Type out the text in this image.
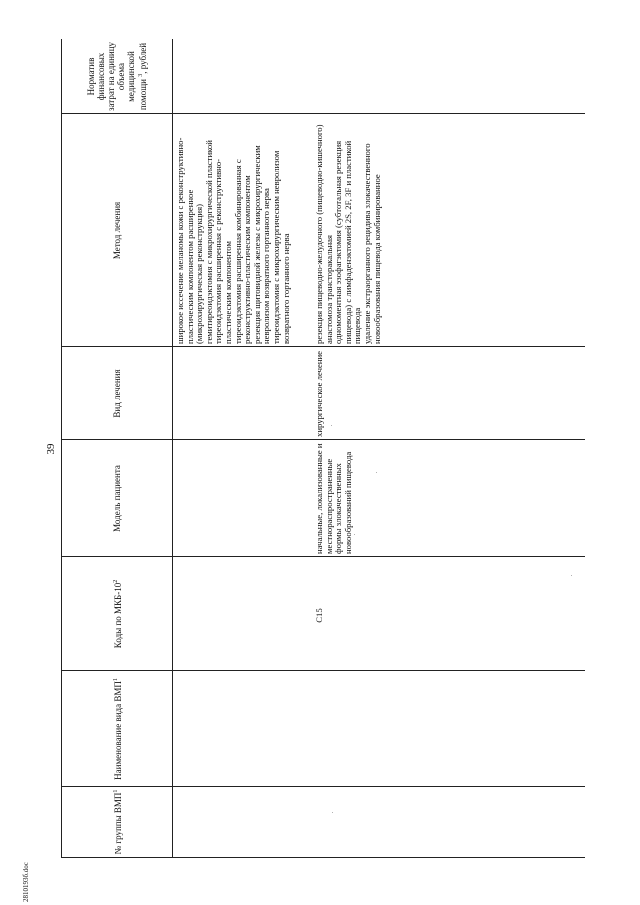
39
№ группы ВМП$^1$
Наименование вида ВМП$^1$
Коды по МКБ-$10^2$
Модель пациента
Вид лечения
Метод лечения
Норматив финансовых затрат на единицу объема медицинской помощи $^3$, рублей
широкое иссечение меланомы кожи с реконструктивно-пластическим компонентом расширенное (микрохирургическая реконструкция) гемитиреоидэктомия с микрохирургической пластикой тиреоидэктомия расширенная с реконструктивно-пластическим компонентом тиреоидэктомия расширенная комбинированная с реконструктивно-пластическим компонентом резекция щитовидной железы с микрохирургическим невролизом возвратного гортанного нерва тиреоидэктомия с микрохирургическим невролизом возвратного гортанного нерва
C15
начальные, локализованные и местнораспространенные формы злокачественных новообразований пищевода
хирургическое лечение
резекция пищеводно-желудочного (пищеводно-кишечного) анастомоза трансторакальная одномоментная эзофагэктомия (субтотальная резекция пищевода) с лимфаденэктомией 2S, 2F, 3F и пластикой пищевода удаление экстраорганного рецидива злокачественного новообразования пищевода комбинированное
2810193б.doc
